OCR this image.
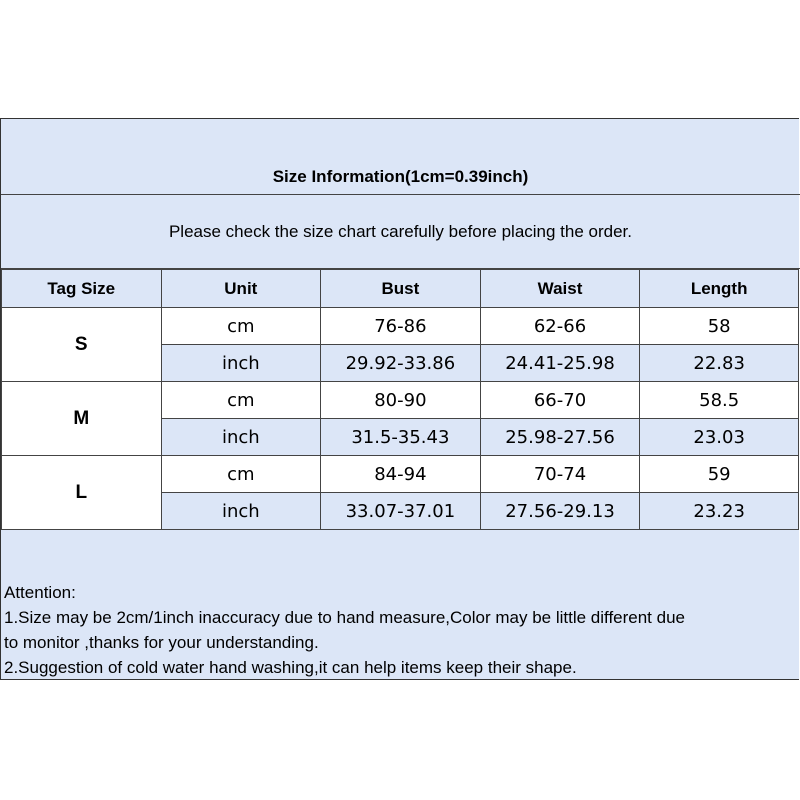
Size Information(1cm=0.39inch)
Please check the size chart carefully before placing the order.
Tag Size	Unit	Bust	Waist	Length
S	cm	76-86	62-66	58
	inch	29.92-33.86	24.41-25.98	22.83
M	cm	80-90	66-70	58.5
	inch	31.5-35.43	25.98-27.56	23.03
L	cm	84-94	70-74	59
	inch	33.07-37.01	27.56-29.13	23.23
Attention:
1.Size may be 2cm/1inch inaccuracy due to hand measure,Color may be little different due
to monitor ,thanks for your understanding.
2.Suggestion of cold water hand washing,it can help items keep their shape.
